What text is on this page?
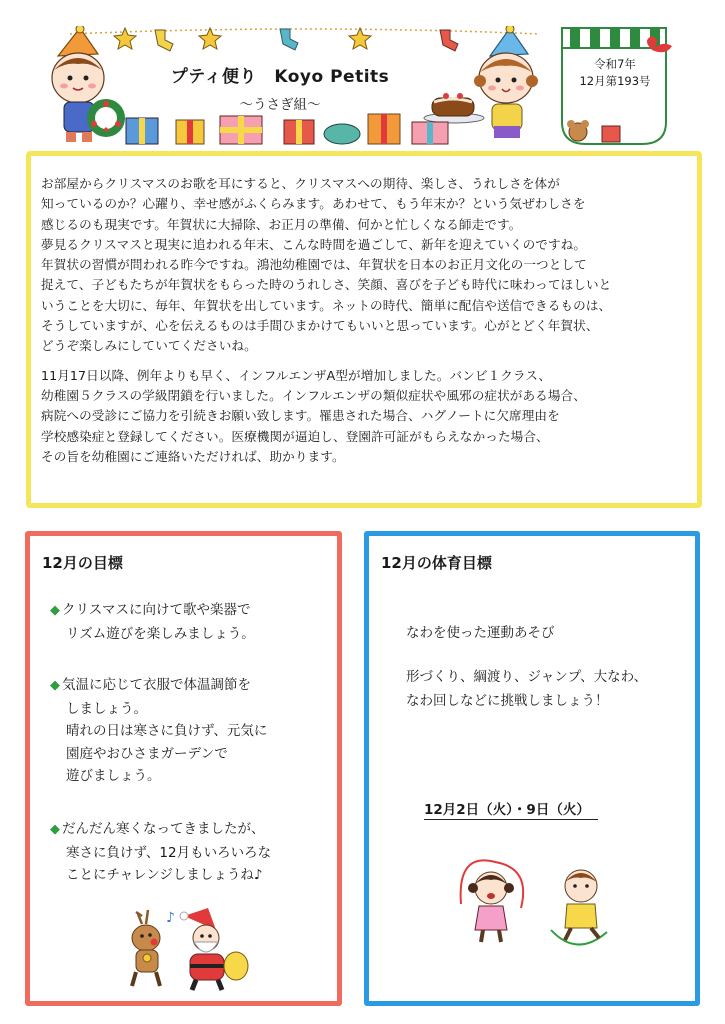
プティ便り　Koyo Petits
〜うさぎ組〜
令和7年
12月第193号

お部屋からクリスマスのお歌を耳にすると、クリスマスへの期待、楽しさ、うれしさを体が

知っているのか？心躍り、幸せ感がふくらみます。あわせて、もう年末か？という気ぜわしさを

感じるのも現実です。年賀状に大掃除、お正月の準備、何かと忙しくなる師走です。

夢見るクリスマスと現実に追われる年末、こんな時間を過ごして、新年を迎えていくのですね。

年賀状の習慣が問われる昨今ですね。鴻池幼稚園では、年賀状を日本のお正月文化の一つとして

捉えて、子どもたちが年賀状をもらった時のうれしさ、笑顔、喜びを子ども時代に味わってほしいと

いうことを大切に、毎年、年賀状を出しています。ネットの時代、簡単に配信や送信できるものは、

そうしていますが、心を伝えるものは手間ひまかけてもいいと思っています。心がとどく年賀状、

どうぞ楽しみにしていてくださいね。

11月17日以降、例年よりも早く、インフルエンザA型が増加しました。バンビ１クラス、

幼稚園５クラスの学級閉鎖を行いました。インフルエンザの類似症状や風邪の症状がある場合、

病院への受診にご協力を引続きお願い致します。罹患された場合、ハグノートに欠席理由を

学校感染症と登録してください。医療機関が逼迫し、登園許可証がもらえなかった場合、

その旨を幼稚園にご連絡いただければ、助かります。

12月の目標
◆ クリスマスに向けて歌や楽器で
リズム遊びを楽しみましょう。
◆ 気温に応じて衣服で体温調節を
しましょう。
晴れの日は寒さに負けず、元気に
園庭やおひさまガーデンで
遊びましょう。
◆ だんだん寒くなってきましたが、
寒さに負けず、12月もいろいろな
ことにチャレンジしましょうね♪
♪
12月の体育目標
なわを使った運動あそび
形づくり、綱渡り、ジャンプ、大なわ、
なわ回しなどに挑戦しましょう！
12月2日（火）・9日（火）
